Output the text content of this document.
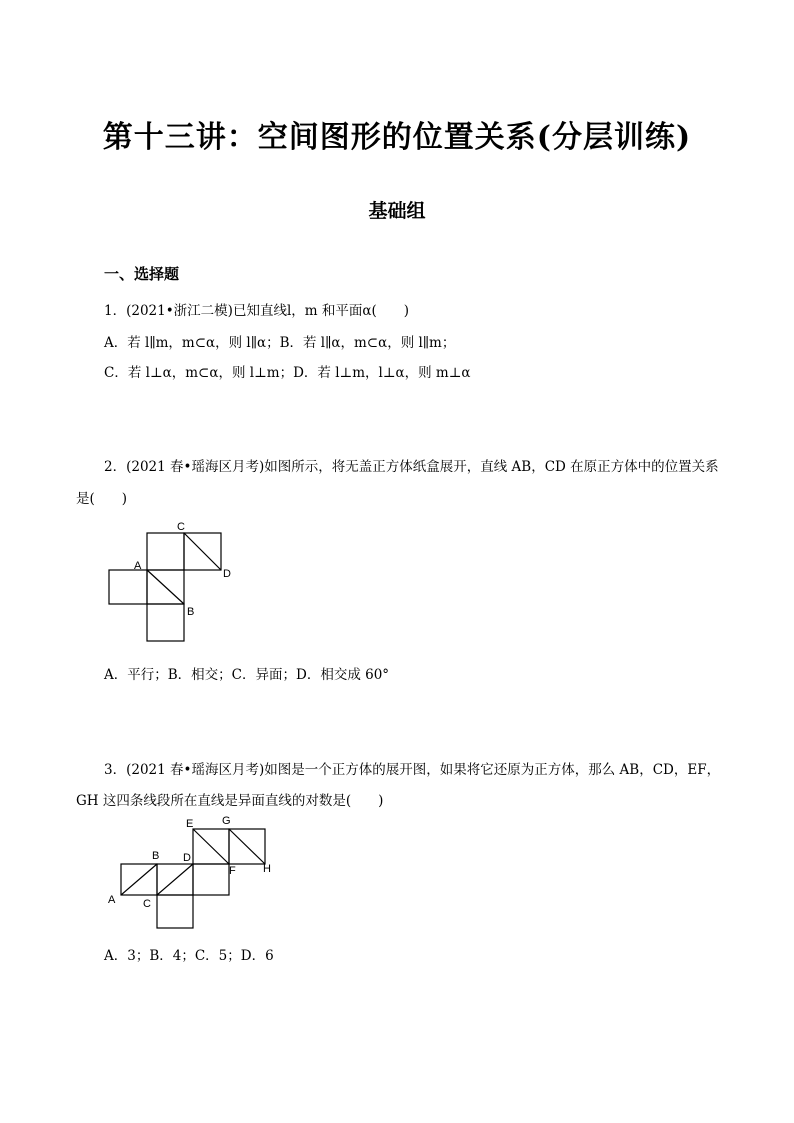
第十三讲：空间图形的位置关系(分层训练)
基础组
一、选择题
1．(2021•浙江二模)已知直线l，m 和平面α(　　)
A．若 l∥m，m⊂α，则 l∥α；B．若 l∥α，m⊂α，则 l∥m；
C．若 l⊥α，m⊂α，则 l⊥m；D．若 l⊥m，l⊥α，则 m⊥α
2．(2021 春•瑶海区月考)如图所示，将无盖正方体纸盒展开，直线 AB，CD 在原正方体中的位置关系
是(　　)
C
A
D
B
E	G
B D
F H
A	C
A．平行；B．相交；C．异面；D．相交成 60°
3．(2021 春•瑶海区月考)如图是一个正方体的展开图，如果将它还原为正方体，那么 AB，CD，EF，
GH 这四条线段所在直线是异面直线的对数是(　　)
A．3；B．4；C．5；D．6
